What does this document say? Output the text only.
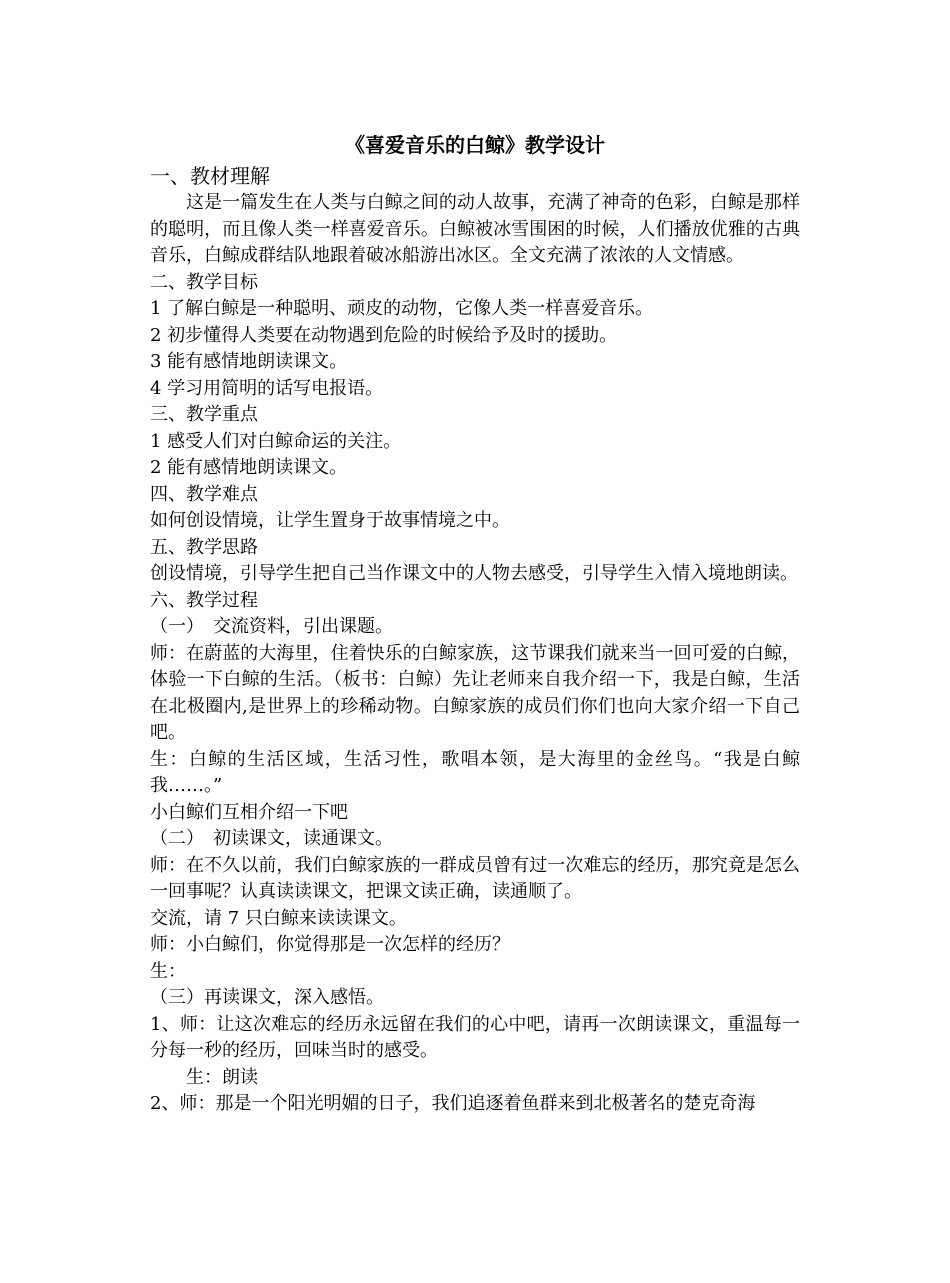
《喜爱音乐的白鲸》教学设计

一、教材理解

这是一篇发生在人类与白鲸之间的动人故事，充满了神奇的色彩，白鲸是那样的聪明，而且像人类一样喜爱音乐。白鲸被冰雪围困的时候，人们播放优雅的古典音乐，白鲸成群结队地跟着破冰船游出冰区。全文充满了浓浓的人文情感。

二、教学目标

1 了解白鲸是一种聪明、顽皮的动物，它像人类一样喜爱音乐。

2 初步懂得人类要在动物遇到危险的时候给予及时的援助。

3 能有感情地朗读课文。

4 学习用简明的话写电报语。

三、教学重点

1 感受人们对白鲸命运的关注。

2 能有感情地朗读课文。

四、教学难点

如何创设情境，让学生置身于故事情境之中。

五、教学思路

创设情境，引导学生把自己当作课文中的人物去感受，引导学生入情入境地朗读。

六、教学过程

（一）　交流资料，引出课题。

师：在蔚蓝的大海里，住着快乐的白鲸家族，这节课我们就来当一回可爱的白鲸，体验一下白鲸的生活。（板书：白鲸）先让老师来自我介绍一下，我是白鲸，生活在北极圈内,是世界上的珍稀动物。白鲸家族的成员们你们也向大家介绍一下自己吧。

生：白鲸的生活区域，生活习性，歌唱本领，是大海里的金丝鸟。“我是白鲸我……。”

小白鲸们互相介绍一下吧

（二）　初读课文，读通课文。

师：在不久以前，我们白鲸家族的一群成员曾有过一次难忘的经历，那究竟是怎么一回事呢？认真读读课文，把课文读正确，读通顺了。

交流，请 7 只白鲸来读读课文。

师：小白鲸们，你觉得那是一次怎样的经历？

生：

（三）再读课文，深入感悟。

1、师：让这次难忘的经历永远留在我们的心中吧，请再一次朗读课文，重温每一分每一秒的经历，回味当时的感受。

生：朗读

2、师：那是一个阳光明媚的日子，我们追逐着鱼群来到北极著名的楚克奇海
